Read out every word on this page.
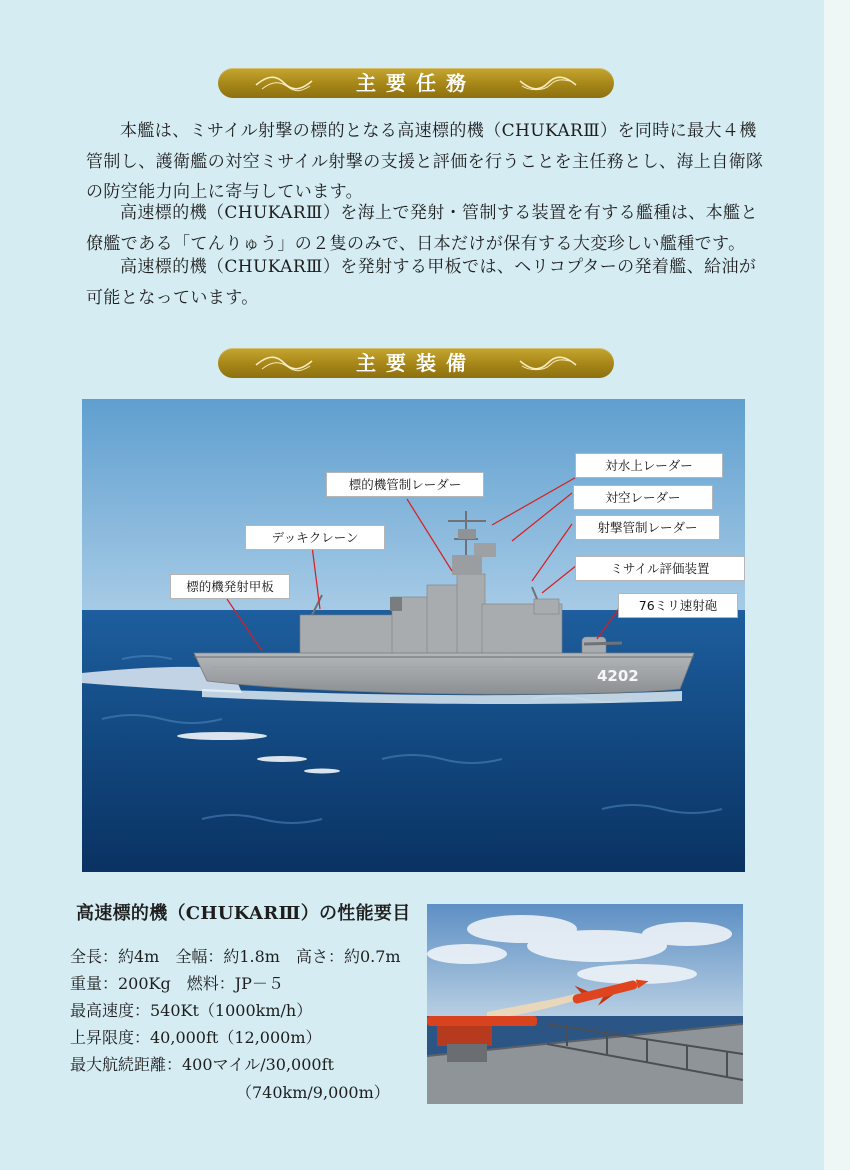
主要任務

本艦は、ミサイル射撃の標的となる高速標的機（CHUKARⅢ）を同時に最大４機管制し、護衛艦の対空ミサイル射撃の支援と評価を行うことを主任務とし、海上自衛隊の防空能力向上に寄与しています。

高速標的機（CHUKARⅢ）を海上で発射・管制する装置を有する艦種は、本艦と僚艦である「てんりゅう」の２隻のみで、日本だけが保有する大変珍しい艦種です。

高速標的機（CHUKARⅢ）を発射する甲板では、ヘリコプターの発着艦、給油が可能となっています。

主要装備
4202
対水上レーダー
標的機管制レーダー
対空レーダー
射撃管制レーダー
デッキクレーン
ミサイル評価装置
標的機発射甲板
76ミリ速射砲

高速標的機（CHUKARⅢ）の性能要目

全長：約4m　全幅：約1.8m　高さ：約0.7m

重量：200Kg　燃料：JP－５

最高速度：540Kt（1000km/h）

上昇限度：40,000ft（12,000m）

最大航続距離：400マイル/30,000ft

（740km/9,000m）
